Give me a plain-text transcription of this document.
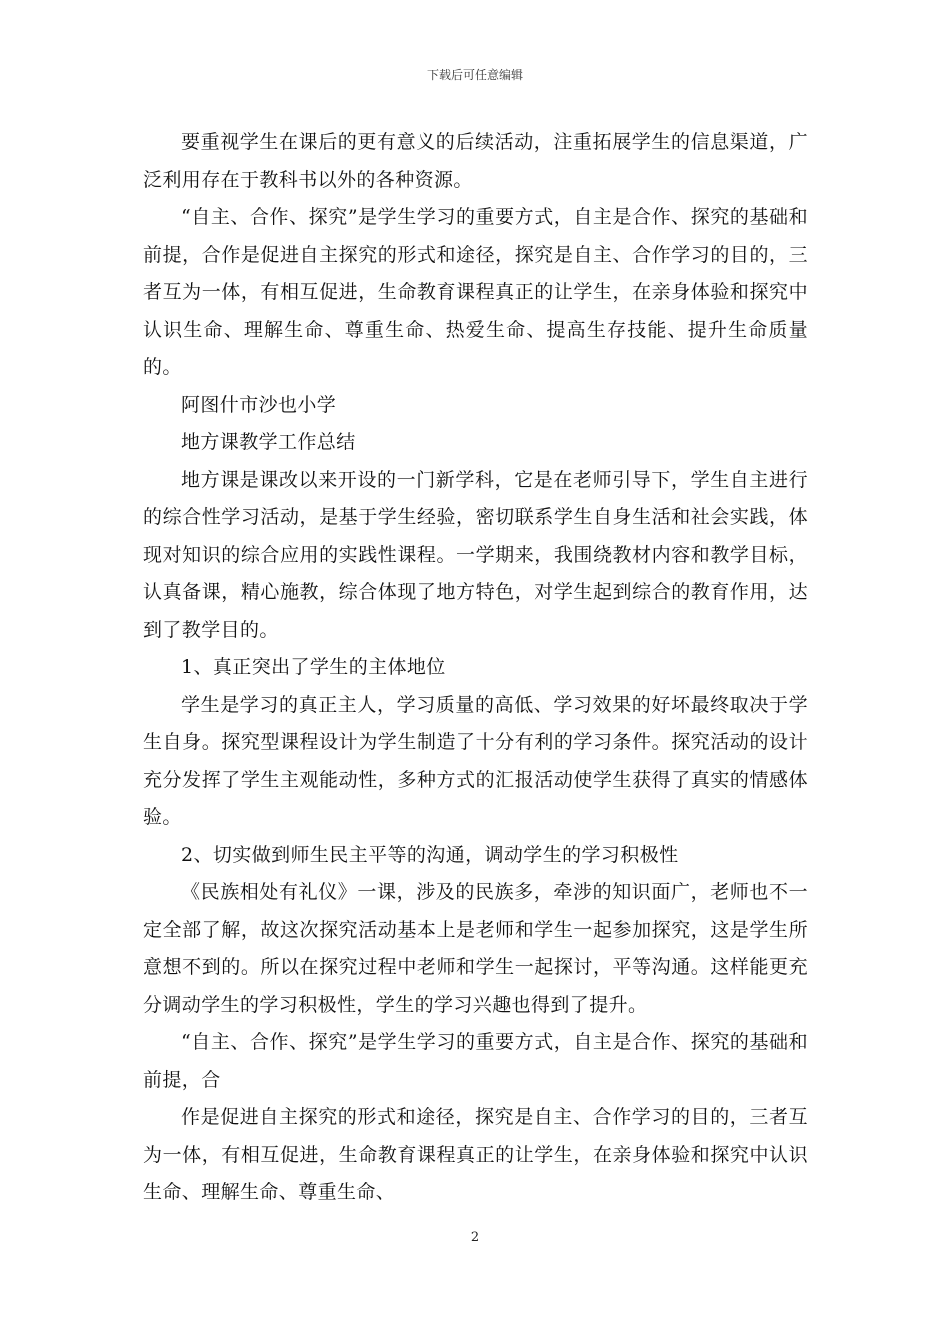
下载后可任意编辑

要重视学生在课后的更有意义的后续活动，注重拓展学生的信息渠道，广泛利用存在于教科书以外的各种资源。

“自主、合作、探究”是学生学习的重要方式，自主是合作、探究的基础和前提，合作是促进自主探究的形式和途径，探究是自主、合作学习的目的，三者互为一体，有相互促进，生命教育课程真正的让学生，在亲身体验和探究中认识生命、理解生命、尊重生命、热爱生命、提高生存技能、提升生命质量的。

阿图什市沙也小学

地方课教学工作总结

地方课是课改以来开设的一门新学科，它是在老师引导下，学生自主进行的综合性学习活动，是基于学生经验，密切联系学生自身生活和社会实践，体现对知识的综合应用的实践性课程。一学期来，我围绕教材内容和教学目标，认真备课，精心施教，综合体现了地方特色，对学生起到综合的教育作用，达到了教学目的。

1、真正突出了学生的主体地位

学生是学习的真正主人，学习质量的高低、学习效果的好坏最终取决于学生自身。探究型课程设计为学生制造了十分有利的学习条件。探究活动的设计充分发挥了学生主观能动性，多种方式的汇报活动使学生获得了真实的情感体验。

2、切实做到师生民主平等的沟通，调动学生的学习积极性

《民族相处有礼仪》一课，涉及的民族多，牵涉的知识面广，老师也不一定全部了解，故这次探究活动基本上是老师和学生一起参加探究，这是学生所意想不到的。所以在探究过程中老师和学生一起探讨，平等沟通。这样能更充分调动学生的学习积极性，学生的学习兴趣也得到了提升。

“自主、合作、探究”是学生学习的重要方式，自主是合作、探究的基础和前提，合

作是促进自主探究的形式和途径，探究是自主、合作学习的目的，三者互为一体，有相互促进，生命教育课程真正的让学生，在亲身体验和探究中认识生命、理解生命、尊重生命、

2
